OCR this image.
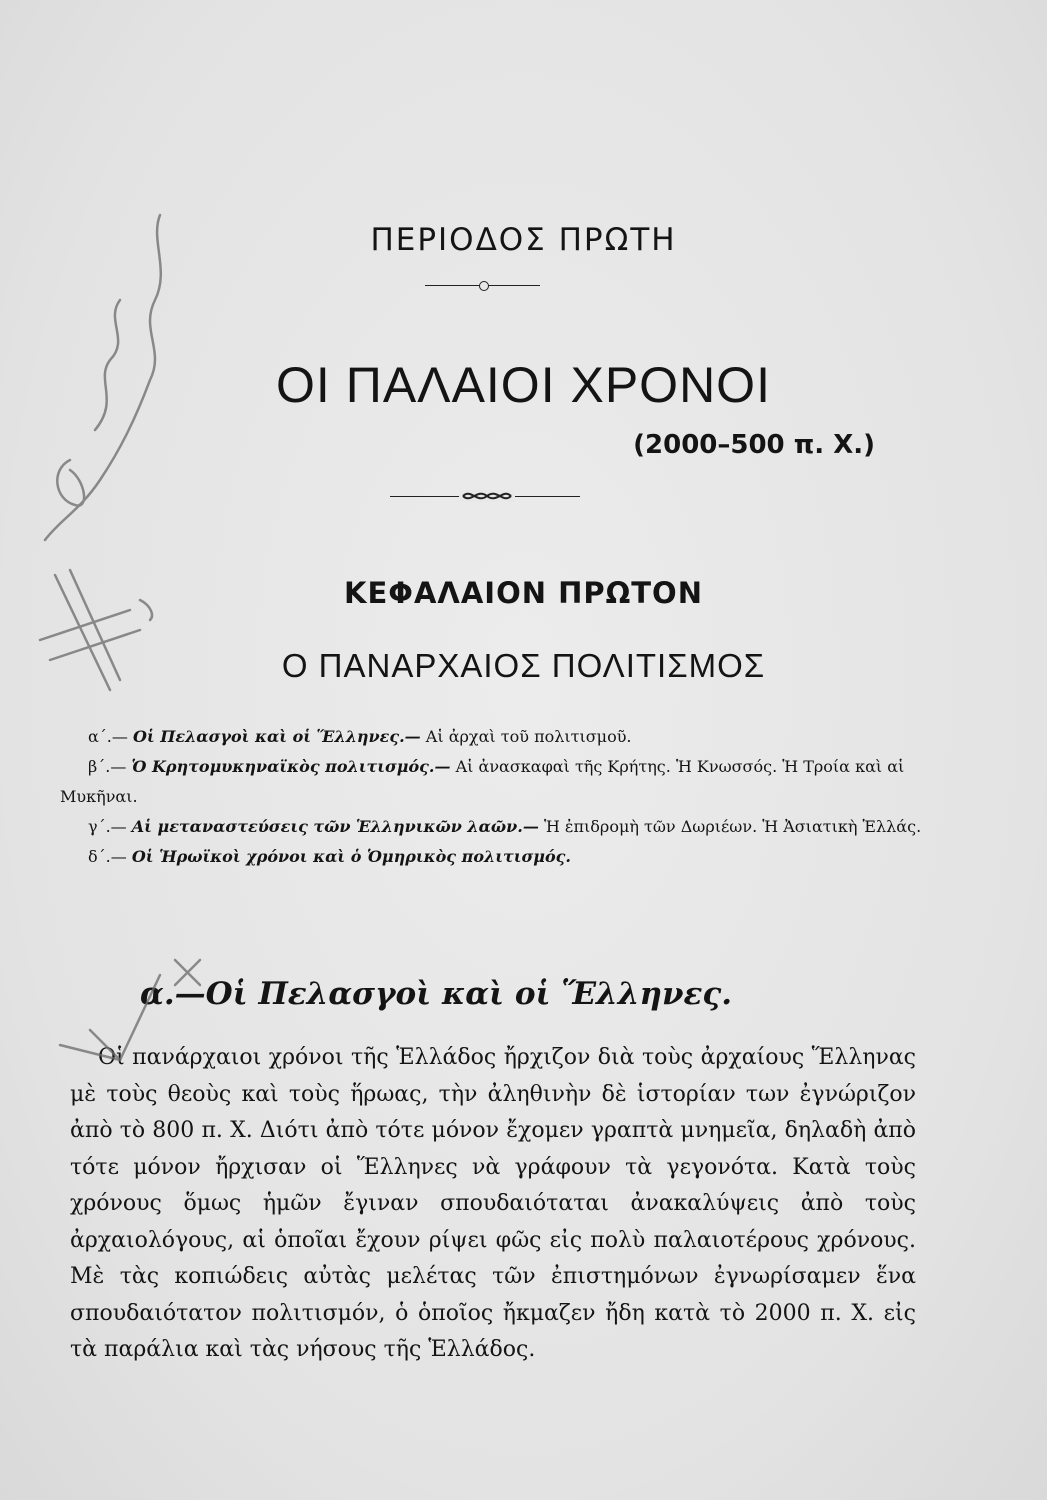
ΠΕΡΙΟΔΟΣ ΠΡΩΤΗ
ΟΙ ΠΑΛΑΙΟΙ ΧΡΟΝΟΙ
(2000–500 π. Χ.)
ΚΕΦΑΛΑΙΟΝ ΠΡΩΤΟΝ
Ο ΠΑΝΑΡΧΑΙΟΣ ΠΟΛΙΤΙΣΜΟΣ

α΄.— Οἱ Πελασγοὶ καὶ οἱ Ἕλληνες.— Αἱ ἀρχαὶ τοῦ πολιτισμοῦ.

β΄.— Ὁ Κρητομυκηναϊκὸς πολιτισμός.— Αἱ ἀνασκαφαὶ τῆς Κρήτης. Ἡ Κνωσσός. Ἡ Τροία καὶ αἱ Μυκῆναι.

γ΄.— Αἱ μεταναστεύσεις τῶν Ἑλληνικῶν λαῶν.— Ἡ ἐπιδρομὴ τῶν Δωριέων. Ἡ Ἀσιατικὴ Ἑλλάς.

δ΄.— Οἱ Ἡρωϊκοὶ χρόνοι καὶ ὁ Ὁμηρικὸς πολιτισμός.

α.—Οἱ Πελασγοὶ καὶ οἱ Ἕλληνες.
Οἱ πανάρχαιοι χρόνοι τῆς Ἑλλάδος ἤρχιζον διὰ τοὺς ἀρχαίους Ἕλληνας μὲ τοὺς θεοὺς καὶ τοὺς ἥρωας, τὴν ἀληθινὴν δὲ ἱστορίαν των ἐγνώριζον ἀπὸ τὸ 800 π. Χ. Διότι ἀπὸ τότε μόνον ἔχομεν γραπτὰ μνημεῖα, δηλαδὴ ἀπὸ τότε μόνον ἤρχισαν οἱ Ἕλληνες νὰ γράφουν τὰ γεγονότα. Κατὰ τοὺς χρόνους ὅμως ἡμῶν ἔγιναν σπουδαιόταται ἀνακαλύψεις ἀπὸ τοὺς ἀρχαιολόγους, αἱ ὁποῖαι ἔχουν ρίψει φῶς εἰς πολὺ παλαιοτέρους χρόνους. Μὲ τὰς κοπιώδεις αὐτὰς μελέτας τῶν ἐπιστημόνων ἐγνωρίσαμεν ἕνα σπουδαιότατον πολιτισμόν, ὁ ὁποῖος ἤκμαζεν ἤδη κατὰ τὸ 2000 π. Χ. εἰς τὰ παράλια καὶ τὰς νήσους τῆς Ἑλλάδος.
